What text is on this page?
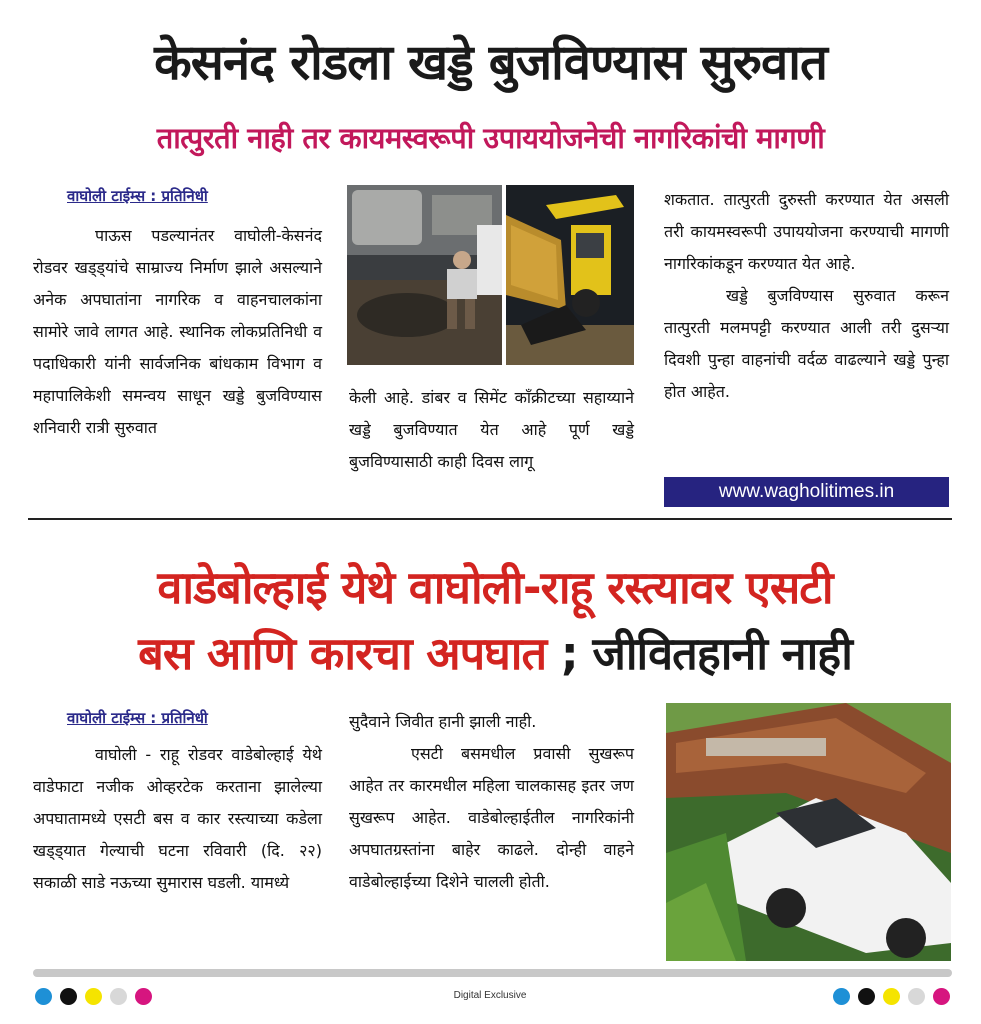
केसनंद रोडला खड्डे बुजविण्यास सुरुवात
तात्पुरती नाही तर कायमस्वरूपी उपाययोजनेची नागरिकांची मागणी
वाघोली टाईम्स : प्रतिनिधी

पाऊस पडल्यानंतर वाघोली-केसनंद रोडवर खड्ड्यांचे साम्राज्य निर्माण झाले असल्याने अनेक अपघातांना नागरिक व वाहनचालकांना सामोरे जावे लागत आहे. स्थानिक लोकप्रतिनिधी व पदाधिकारी यांनी सार्वजनिक बांधकाम विभाग व महापालिकेशी समन्वय साधून खड्डे बुजविण्यास शनिवारी रात्री सुरुवात

केली आहे. डांबर व सिमेंट काँक्रीटच्या सहाय्याने खड्डे बुजविण्यात येत आहे पूर्ण खड्डे बुजविण्यासाठी काही दिवस लागू

शकतात. तात्पुरती दुरुस्ती करण्यात येत असली तरी कायमस्वरूपी उपाययोजना करण्याची मागणी नागरिकांकडून करण्यात येत आहे.

खड्डे बुजविण्यास सुरुवात करून तात्पुरती मलमपट्टी करण्यात आली तरी दुसऱ्या दिवशी पुन्हा वाहनांची वर्दळ वाढल्याने खड्डे पुन्हा होत आहेत.

www.wagholitimes.in
वाडेबोल्हाई येथे वाघोली-राहू रस्त्यावर एसटी
बस आणि कारचा अपघात ; जीवितहानी नाही
वाघोली टाईम्स : प्रतिनिधी

वाघोली - राहू रोडवर वाडेबोल्हाई येथे वाडेफाटा नजीक ओव्हरटेक करताना झालेल्या अपघातामध्ये एसटी बस व कार रस्त्याच्या कडेला खड्ड्यात गेल्याची घटना रविवारी (दि. २२) सकाळी साडे नऊच्या सुमारास घडली. यामध्ये

सुदैवाने जिवीत हानी झाली नाही.

एसटी बसमधील प्रवासी सुखरूप आहेत तर कारमधील महिला चालकासह इतर जण सुखरूप आहेत. वाडेबोल्हाईतील नागरिकांनी अपघातग्रस्तांना बाहेर काढले. दोन्ही वाहने वाडेबोल्हाईच्या दिशेने चालली होती.

Digital Exclusive
